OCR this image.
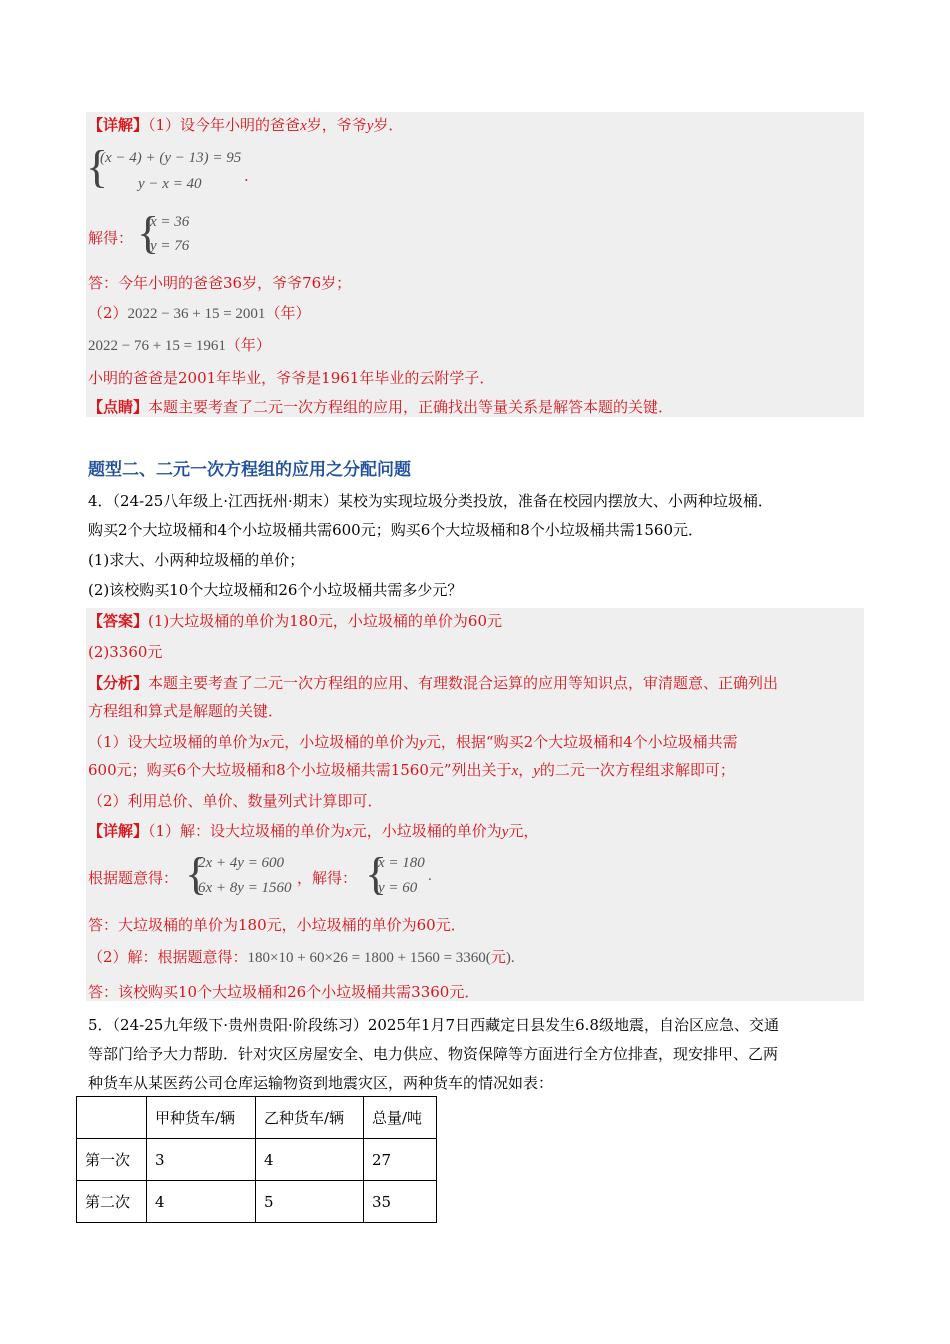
【详解】（1）设今年小明的爸爸x岁，爷爷y岁．
{
(x − 4) + (y − 13) = 95
y − x = 40	.
解得： {
x = 36
y = 76
答：今年小明的爸爸36岁，爷爷76岁；
（2）2022 − 36 + 15 = 2001（年）
2022 − 76 + 15 = 1961（年）
小明的爸爸是2001年毕业，爷爷是1961年毕业的云附学子．
【点睛】本题主要考查了二元一次方程组的应用，正确找出等量关系是解答本题的关键．
题型二、二元一次方程组的应用之分配问题
4．（24-25八年级上·江西抚州·期末）某校为实现垃圾分类投放，准备在校园内摆放大、小两种垃圾桶．
购买2个大垃圾桶和4个小垃圾桶共需600元；购买6个大垃圾桶和8个小垃圾桶共需1560元．
(1)求大、小两种垃圾桶的单价；
(2)该校购买10个大垃圾桶和26个小垃圾桶共需多少元？
【答案】(1)大垃圾桶的单价为180元，小垃圾桶的单价为60元
(2)3360元
【分析】本题主要考查了二元一次方程组的应用、有理数混合运算的应用等知识点，审清题意、正确列出
方程组和算式是解题的关键．
（1）设大垃圾桶的单价为x元，小垃圾桶的单价为y元，根据“购买2个大垃圾桶和4个小垃圾桶共需
600元；购买6个大垃圾桶和8个小垃圾桶共需1560元”列出关于x，y的二元一次方程组求解即可；
（2）利用总价、单价、数量列式计算即可．
【详解】（1）解：设大垃圾桶的单价为x元，小垃圾桶的单价为y元，
根据题意得： {
2x + 4y = 600
6x + 8y = 1560
，解得： {
x = 180
y = 60
.
答：大垃圾桶的单价为180元，小垃圾桶的单价为60元．
（2）解：根据题意得：180×10 + 60×26 = 1800 + 1560 = 3360(元).
答：该校购买10个大垃圾桶和26个小垃圾桶共需3360元．
5．（24-25九年级下·贵州贵阳·阶段练习）2025年1月7日西藏定日县发生6.8级地震，自治区应急、交通
等部门给予大力帮助．针对灾区房屋安全、电力供应、物资保障等方面进行全方位排查，现安排甲、乙两
种货车从某医药公司仓库运输物资到地震灾区，两种货车的情况如表：
	甲种货车/辆	乙种货车/辆	总量/吨
第一次	3	4	27
第二次	4	5	35
